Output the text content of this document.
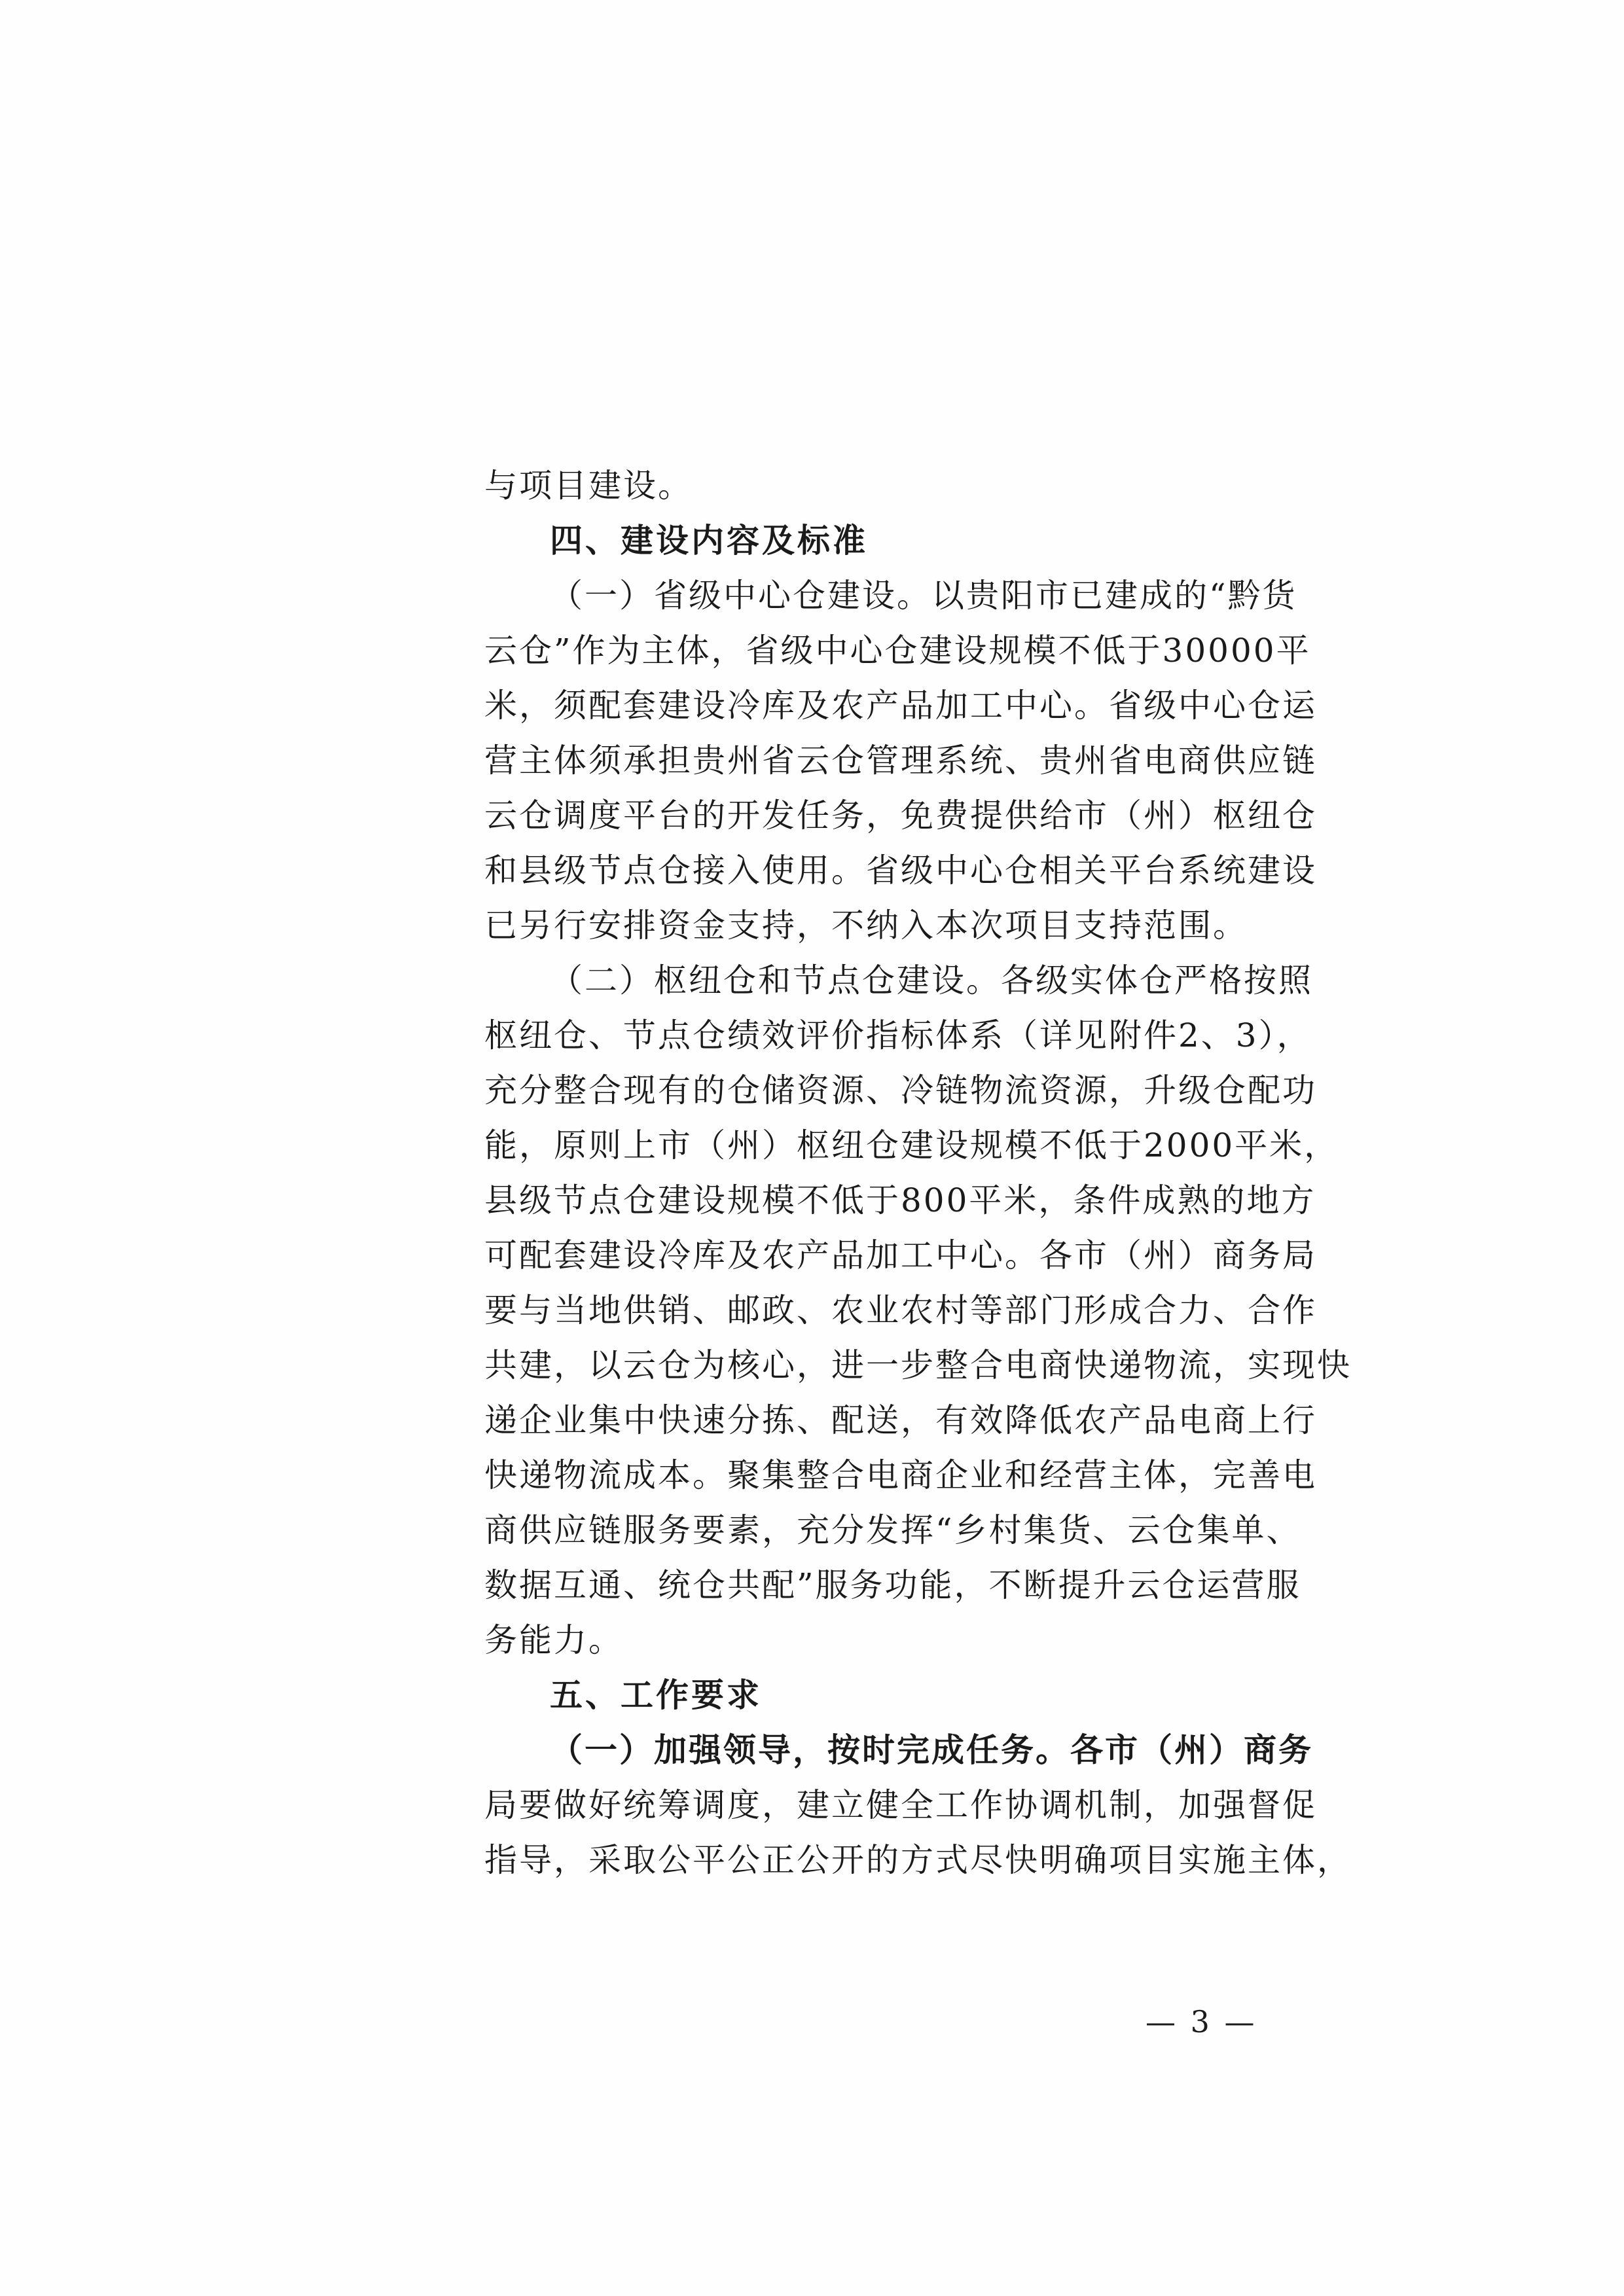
与项目建设。
四、建设内容及标准
（一）省级中心仓建设。以贵阳市已建成的“黔货
云仓”作为主体，省级中心仓建设规模不低于30000平
米，须配套建设冷库及农产品加工中心。省级中心仓运
营主体须承担贵州省云仓管理系统、贵州省电商供应链
云仓调度平台的开发任务，免费提供给市（州）枢纽仓
和县级节点仓接入使用。省级中心仓相关平台系统建设
已另行安排资金支持，不纳入本次项目支持范围。
（二）枢纽仓和节点仓建设。各级实体仓严格按照
枢纽仓、节点仓绩效评价指标体系（详见附件2、3），
充分整合现有的仓储资源、冷链物流资源，升级仓配功
能，原则上市（州）枢纽仓建设规模不低于2000平米，
县级节点仓建设规模不低于800平米，条件成熟的地方
可配套建设冷库及农产品加工中心。各市（州）商务局
要与当地供销、邮政、农业农村等部门形成合力、合作
共建，以云仓为核心，进一步整合电商快递物流，实现快
递企业集中快速分拣、配送，有效降低农产品电商上行
快递物流成本。聚集整合电商企业和经营主体，完善电
商供应链服务要素，充分发挥“乡村集货、云仓集单、
数据互通、统仓共配”服务功能，不断提升云仓运营服
务能力。
五、工作要求
（一）加强领导，按时完成任务。各市（州）商务
局要做好统筹调度，建立健全工作协调机制，加强督促
指导，采取公平公正公开的方式尽快明确项目实施主体，
— 3 —
